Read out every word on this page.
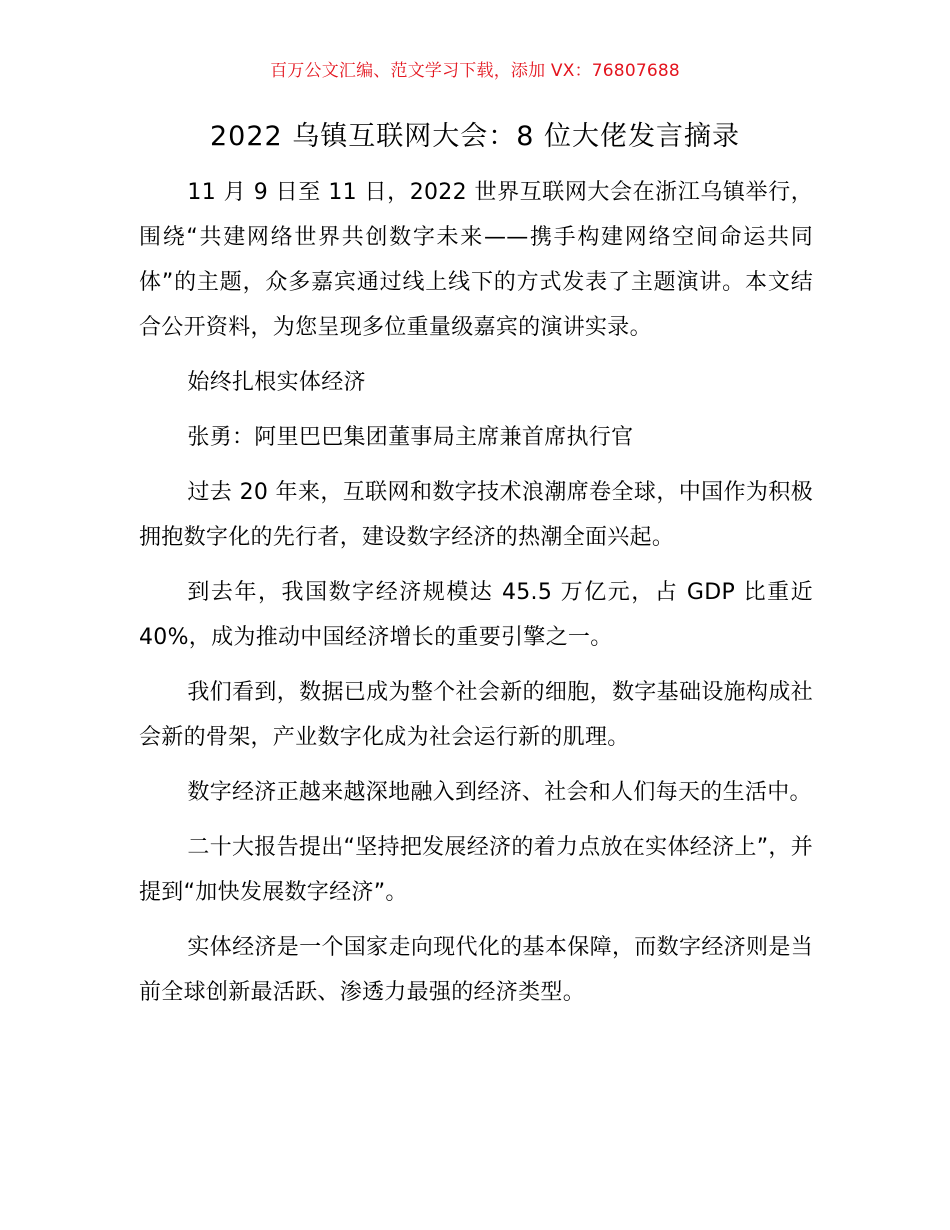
百万公文汇编、范文学习下载，添加 VX：76807688
2022 乌镇互联网大会：8 位大佬发言摘录

11 月 9 日至 11 日，2022 世界互联网大会在浙江乌镇举行，围绕“共建网络世界共创数字未来——携手构建网络空间命运共同体”的主题，众多嘉宾通过线上线下的方式发表了主题演讲。本文结合公开资料，为您呈现多位重量级嘉宾的演讲实录。

始终扎根实体经济

张勇：阿里巴巴集团董事局主席兼首席执行官

过去 20 年来，互联网和数字技术浪潮席卷全球，中国作为积极拥抱数字化的先行者，建设数字经济的热潮全面兴起。

到去年，我国数字经济规模达 45.5 万亿元，占 GDP 比重近 40%，成为推动中国经济增长的重要引擎之一。

我们看到，数据已成为整个社会新的细胞，数字基础设施构成社会新的骨架，产业数字化成为社会运行新的肌理。

数字经济正越来越深地融入到经济、社会和人们每天的生活中。

二十大报告提出“坚持把发展经济的着力点放在实体经济上”，并提到“加快发展数字经济”。

实体经济是一个国家走向现代化的基本保障，而数字经济则是当前全球创新最活跃、渗透力最强的经济类型。
